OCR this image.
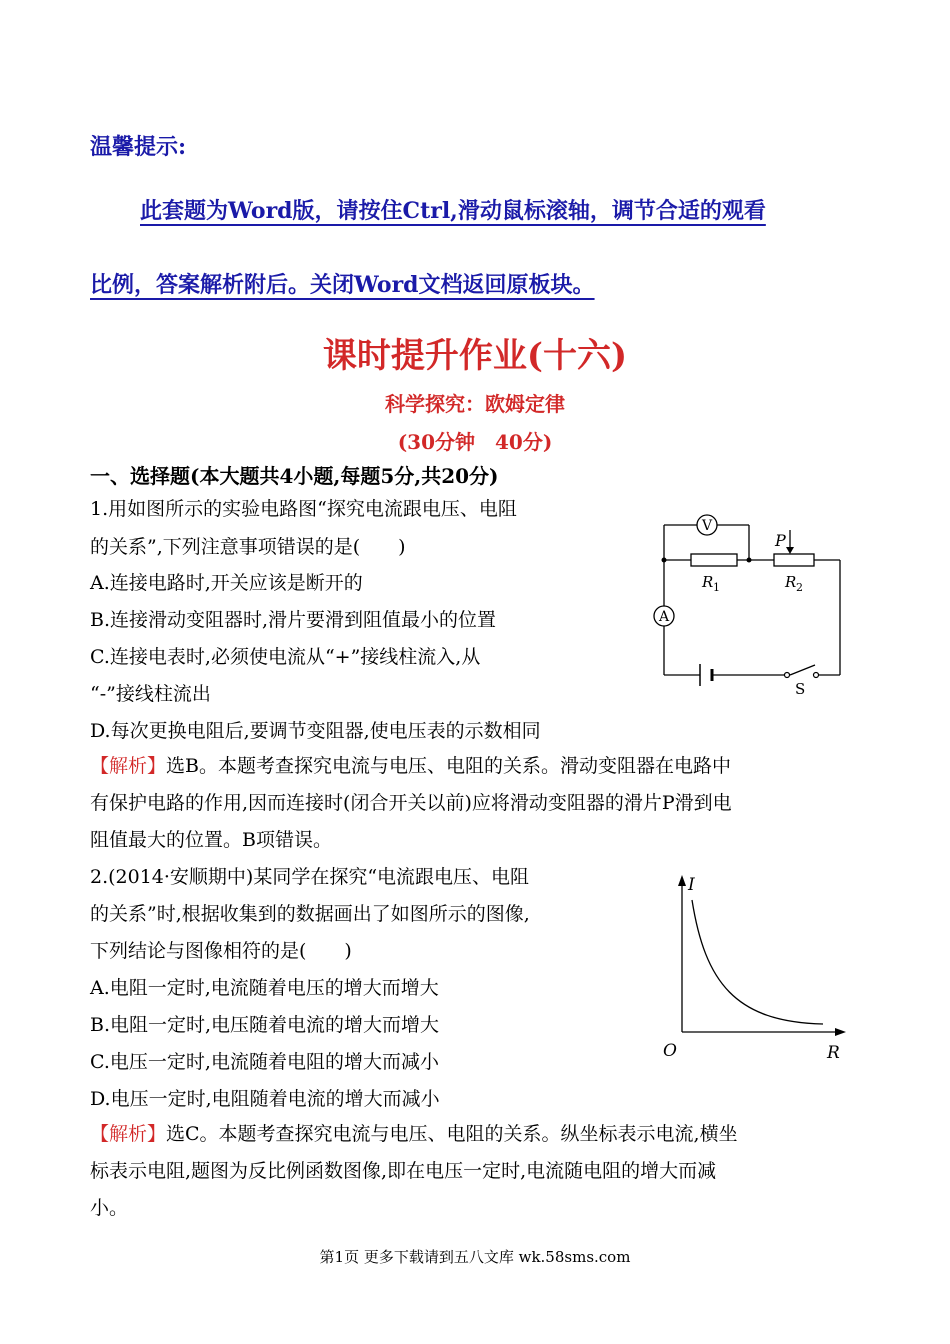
温馨提示:
此套题为Word版，请按住Ctrl,滑动鼠标滚轴，调节合适的观看
比例，答案解析附后。关闭Word文档返回原板块。
课时提升作业(十六)
科学探究：欧姆定律
(30分钟　40分)
一、选择题(本大题共4小题,每题5分,共20分)
1.用如图所示的实验电路图“探究电流跟电压、电阻
的关系”,下列注意事项错误的是(　　)
A.连接电路时,开关应该是断开的
B.连接滑动变阻器时,滑片要滑到阻值最小的位置
C.连接电表时,必须使电流从“+”接线柱流入,从
“-”接线柱流出
D.每次更换电阻后,要调节变阻器,使电压表的示数相同
【解析】选B。本题考查探究电流与电压、电阻的关系。滑动变阻器在电路中
有保护电路的作用,因而连接时(闭合开关以前)应将滑动变阻器的滑片P滑到电
阻值最大的位置。B项错误。
V
A
P
R 1	R 2
S
2.(2014·安顺期中)某同学在探究“电流跟电压、电阻
的关系”时,根据收集到的数据画出了如图所示的图像,
下列结论与图像相符的是(　　)
A.电阻一定时,电流随着电压的增大而增大
B.电阻一定时,电压随着电流的增大而增大
C.电压一定时,电流随着电阻的增大而减小
D.电压一定时,电阻随着电流的增大而减小
【解析】选C。本题考查探究电流与电压、电阻的关系。纵坐标表示电流,横坐
标表示电阻,题图为反比例函数图像,即在电压一定时,电流随电阻的增大而减
小。
I
R
O
第1页 更多下载请到五八文库 wk.58sms.com
